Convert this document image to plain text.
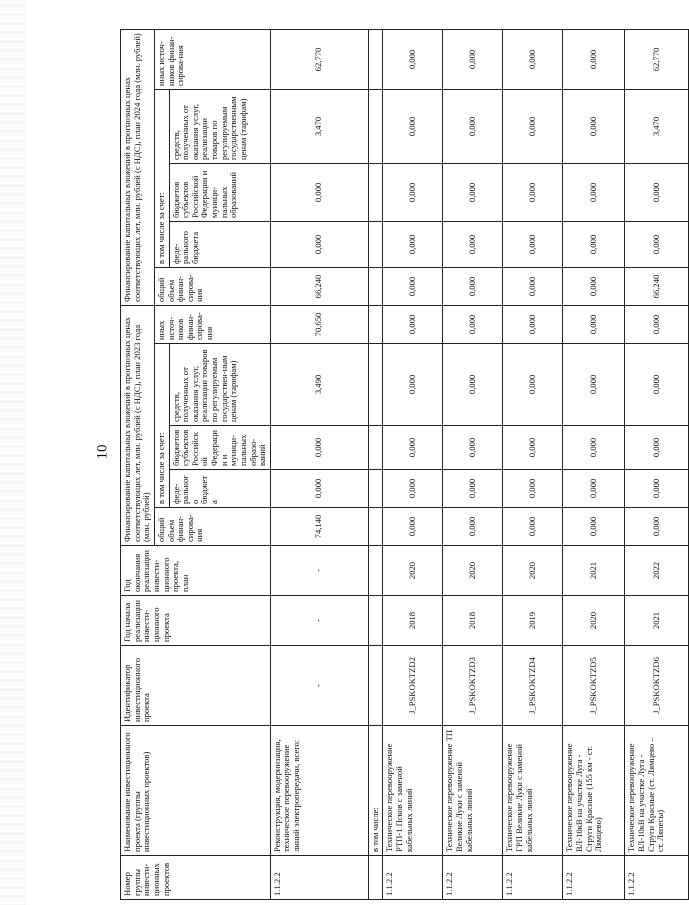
10
Номер группы инвести-ционных проектов	Наименование инвестиционного проекта (группы инвестиционных проектов)	Идентификатор инвестиционного проекта	Год начала реализации инвести-ционного проекта	Год окончания реализации инвести-ционного проекта, план	Финансирование капитальных вложений в прогнозных ценах соответствующих лет, млн. рублей (с НДС), план 2023 года (млн. рублей)					Финансирование капитальных вложений в прогнозных ценах соответствующих лет, млн. рублей (с НДС), план 2024 года (млн. рублей)				
					общий объем финан-сирова-ния	в том числе за счет:			иных источ-ников финан-сирова-ния	общий объем финан-сирова-ния	в том числе за счет:			иных источ-ников финан-сирова-ния
						феде-рального бюджета	бюджетов субъектов Российской Федерации и муници-пальных образо-ваний	средств, полученных от оказания услуг, реализации товаров по регулируемым государствен-ным ценам (тарифам)			феде-рального бюджета	бюджетов субъектов Российской Федерации и муници-пальных образований	средств, полученных от оказания услуг, реализации товаров по регулируемым государственным ценам (тарифам)	
1.1.2.2	Реконструкция, модернизация, техническое перевооружение линий электропередачи, всего:	-	-	-	74,140	0,000	0,000	3,490	70,650	66,240	0,000	0,000	3,470	62,770
	в том числе:													
1.1.2.2	Техническое перевооружение РТП-1 Псков с заменой кабельных линий	J_PSKOKTZD2	2018	2020	0,000	0,000	0,000	0,000	0,000	0,000	0,000	0,000	0,000	0,000
1.1.2.2	Техническое перевооружение ТП Великие Луки с заменой кабельных линий	J_PSKOKTZD3	2018	2020	0,000	0,000	0,000	0,000	0,000	0,000	0,000	0,000	0,000	0,000
1.1.2.2	Техническое перевооружение ГРП Великие Луки с заменой кабельных линий	J_PSKOKTZD4	2019	2020	0,000	0,000	0,000	0,000	0,000	0,000	0,000	0,000	0,000	0,000
1.1.2.2	Техническое перевооружение ВЛ-10кВ на участке Луга - Струги Красные (155 км - ст. Лямцево)	J_PSKOKTZD5	2020	2021	0,000	0,000	0,000	0,000	0,000	0,000	0,000	0,000	0,000	0,000
1.1.2.2	Техническое перевооружение ВЛ-10кВ на участке Луга - Струги Красные (ст. Лямцево – ст. Ляпесы)	J_PSKOKTZD6	2021	2022	0,000	0,000	0,000	0,000	0,000	66,240	0,000	0,000	3,470	62,770
